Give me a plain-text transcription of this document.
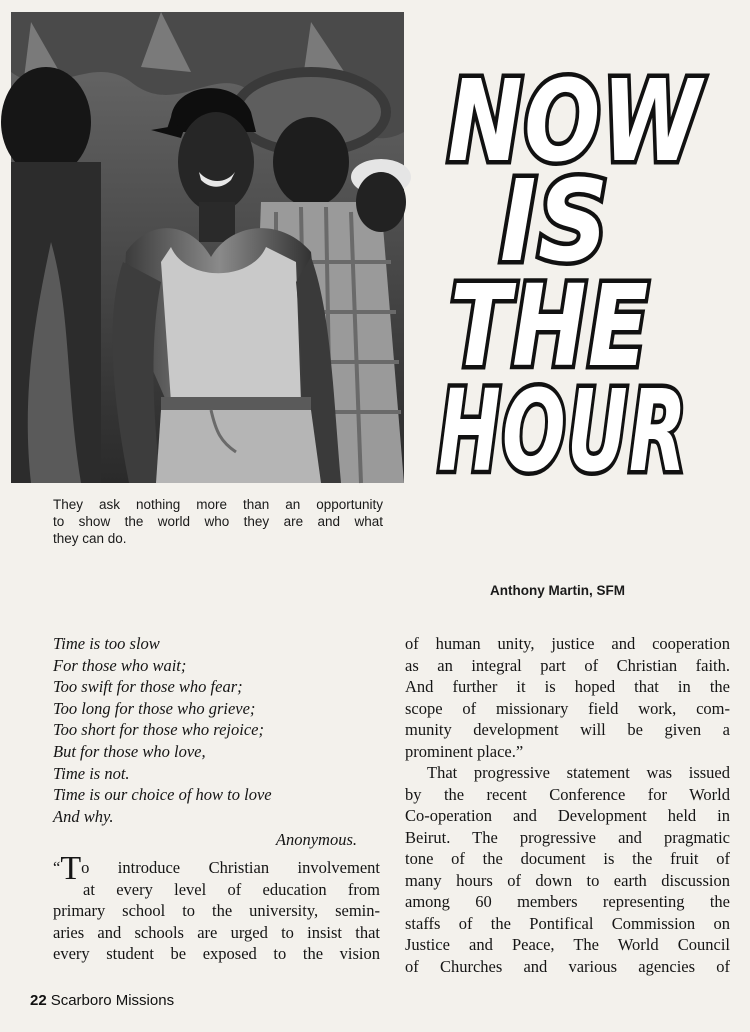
NOW
IS
THE
HOUR
They ask nothing more than an opportunity
to show the world who they are and what
they can do.
Anthony Martin, SFM
Time is too slow
For those who wait;
Too swift for those who fear;
Too long for those who grieve;
Too short for those who rejoice;
But for those who love,
Time is not.
Time is our choice of how to love
And why.
Anonymous.
“To introduce Christian involvement
at every level of education from
primary school to the university, semin-
aries and schools are urged to insist that
every student be exposed to the vision
of human unity, justice and cooperation
as an integral part of Christian faith.
And further it is hoped that in the
scope of missionary field work, com-
munity development will be given a
prominent place.”
That progressive statement was issued
by the recent Conference for World
Co-operation and Development held in
Beirut. The progressive and pragmatic
tone of the document is the fruit of
many hours of down to earth discussion
among 60 members representing the
staffs of the Pontifical Commission on
Justice and Peace, The World Council
of Churches and various agencies of
22 Scarboro Missions
